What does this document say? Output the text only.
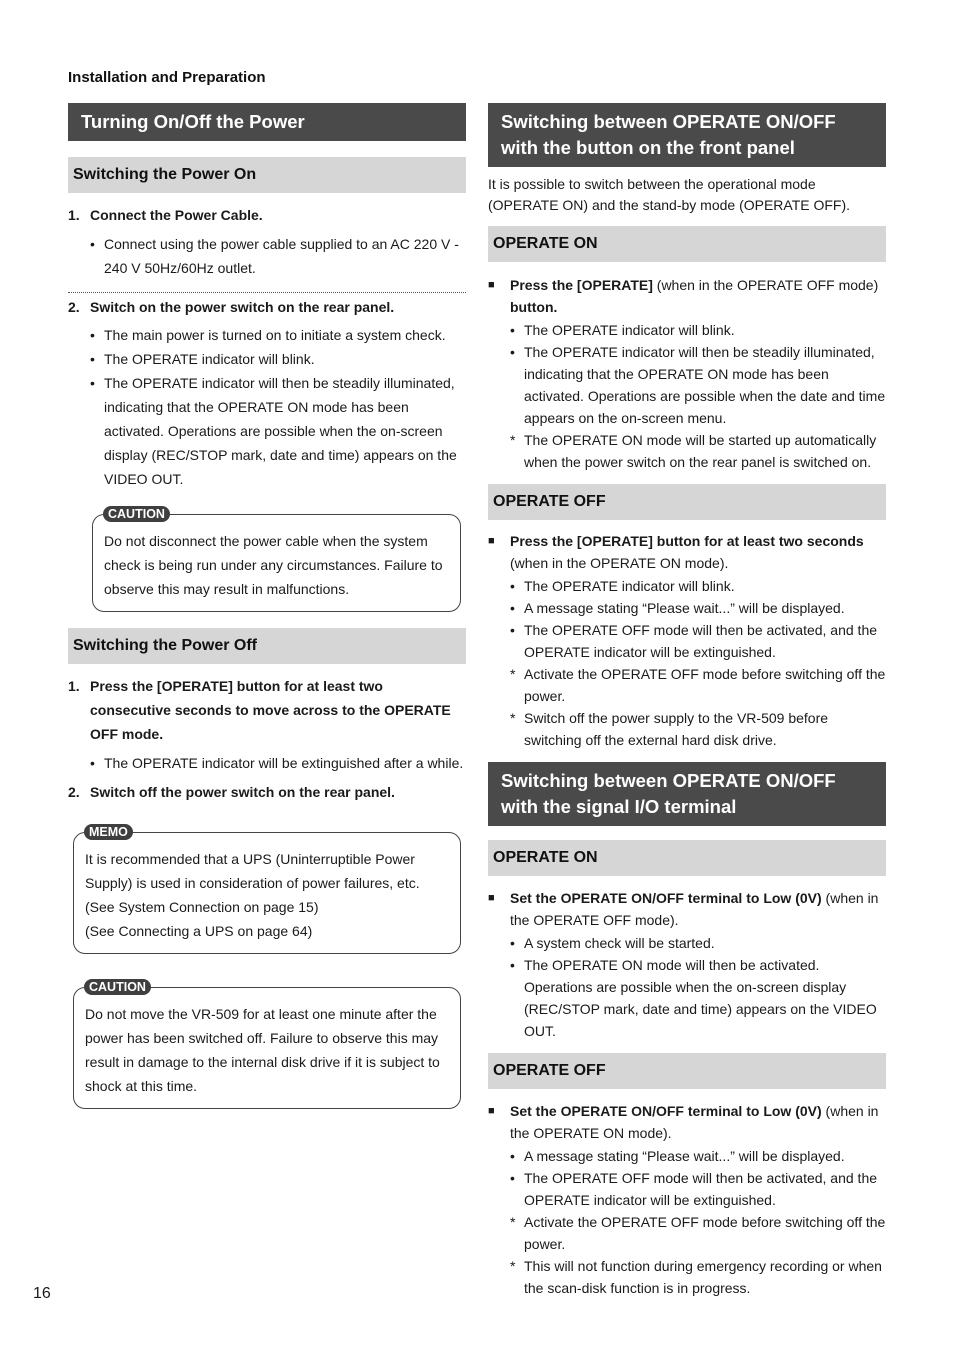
Installation and Preparation
Turning On/Off the Power
Switching the Power On
1. Connect the Power Cable.
• Connect using the power cable supplied to an AC 220 V - 240 V 50Hz/60Hz outlet.
2. Switch on the power switch on the rear panel.
• The main power is turned on to initiate a system check.
• The OPERATE indicator will blink.
• The OPERATE indicator will then be steadily illuminated, indicating that the OPERATE ON mode has been activated. Operations are possible when the on-screen display (REC/STOP mark, date and time) appears on the VIDEO OUT.
CAUTION
Do not disconnect the power cable when the system check is being run under any circumstances. Failure to observe this may result in malfunctions.
Switching the Power Off
1. Press the [OPERATE] button for at least two consecutive seconds to move across to the OPERATE OFF mode.
• The OPERATE indicator will be extinguished after a while.
2. Switch off the power switch on the rear panel.
MEMO
It is recommended that a UPS (Uninterruptible Power Supply) is used in consideration of power failures, etc.
(See System Connection on page 15)
(See Connecting a UPS on page 64)
CAUTION
Do not move the VR-509 for at least one minute after the power has been switched off. Failure to observe this may result in damage to the internal disk drive if it is subject to shock at this time.
Switching between OPERATE ON/OFF with the button on the front panel
It is possible to switch between the operational mode (OPERATE ON) and the stand-by mode (OPERATE OFF).
OPERATE ON
■	Press the [OPERATE] (when in the OPERATE OFF mode) button.
• The OPERATE indicator will blink.
• The OPERATE indicator will then be steadily illuminated, indicating that the OPERATE ON mode has been activated. Operations are possible when the date and time appears on the on-screen menu.
* The OPERATE ON mode will be started up automatically when the power switch on the rear panel is switched on.
OPERATE OFF
■	Press the [OPERATE] button for at least two seconds (when in the OPERATE ON mode).
• The OPERATE indicator will blink.
• A message stating “Please wait...” will be displayed.
• The OPERATE OFF mode will then be activated, and the OPERATE indicator will be extinguished.
* Activate the OPERATE OFF mode before switching off the power.
* Switch off the power supply to the VR-509 before switching off the external hard disk drive.
Switching between OPERATE ON/OFF with the signal I/O terminal
OPERATE ON
■	Set the OPERATE ON/OFF terminal to Low (0V) (when in the OPERATE OFF mode).
• A system check will be started.
• The OPERATE ON mode will then be activated. Operations are possible when the on-screen display (REC/STOP mark, date and time) appears on the VIDEO OUT.
OPERATE OFF
■	Set the OPERATE ON/OFF terminal to Low (0V) (when in the OPERATE ON mode).
• A message stating “Please wait...” will be displayed.
• The OPERATE OFF mode will then be activated, and the OPERATE indicator will be extinguished.
* Activate the OPERATE OFF mode before switching off the power.
* This will not function during emergency recording or when the scan-disk function is in progress.
16
